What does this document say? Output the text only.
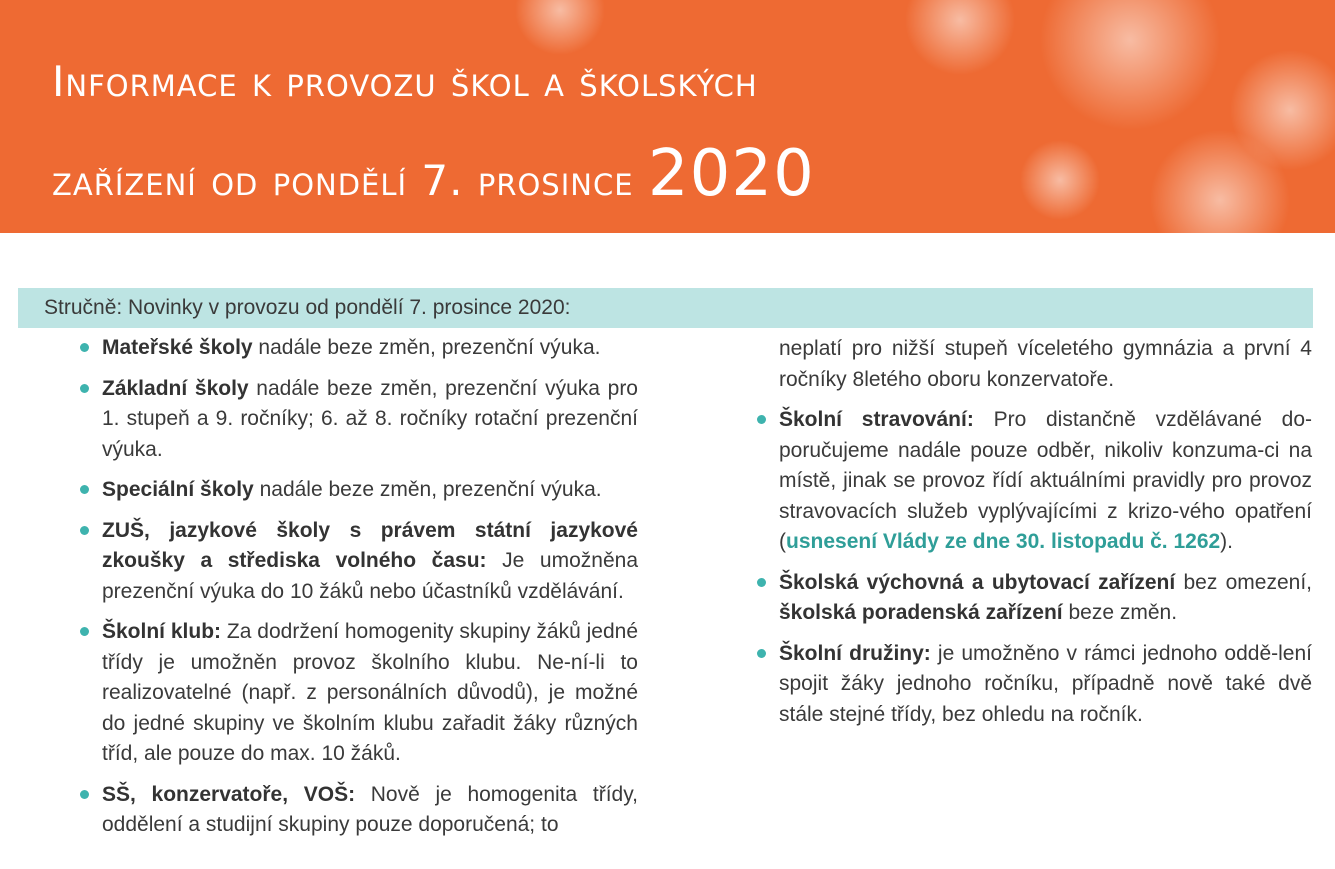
Informace k provozu škol a školských
zařízení od pondělí 7. prosince 2020
Stručně: Novinky v provozu od pondělí 7. prosince 2020:
Mateřské školy nadále beze změn, prezenční výuka.
Základní školy nadále beze změn, prezenční výuka pro 1. stupeň a 9. ročníky; 6. až 8. ročníky rotační prezenční výuka.
Speciální školy nadále beze změn, prezenční výuka.
ZUŠ, jazykové školy s právem státní jazykové zkoušky a střediska volného času: Je umožněna prezenční výuka do 10 žáků nebo účastníků vzdělávání.
Školní klub: Za dodržení homogenity skupiny žáků jedné třídy je umožněn provoz školního klubu. Ne-ní-li to realizovatelné (např. z personálních důvodů), je možné do jedné skupiny ve školním klubu zařadit žáky různých tříd, ale pouze do max. 10 žáků.
SŠ, konzervatoře, VOŠ: Nově je homogenita třídy, oddělení a studijní skupiny pouze doporučená; to
neplatí pro nižší stupeň víceletého gymnázia a první 4 ročníky 8letého oboru konzervatoře.
Školní stravování: Pro distančně vzdělávané do-poručujeme nadále pouze odběr, nikoliv konzuma-ci na místě, jinak se provoz řídí aktuálními pravidly pro provoz stravovacích služeb vyplývajícími z krizo-vého opatření (usnesení Vlády ze dne 30. listopadu č. 1262).
Školská výchovná a ubytovací zařízení bez omezení, školská poradenská zařízení beze změn.
Školní družiny: je umožněno v rámci jednoho oddě-lení spojit žáky jednoho ročníku, případně nově také dvě stále stejné třídy, bez ohledu na ročník.
